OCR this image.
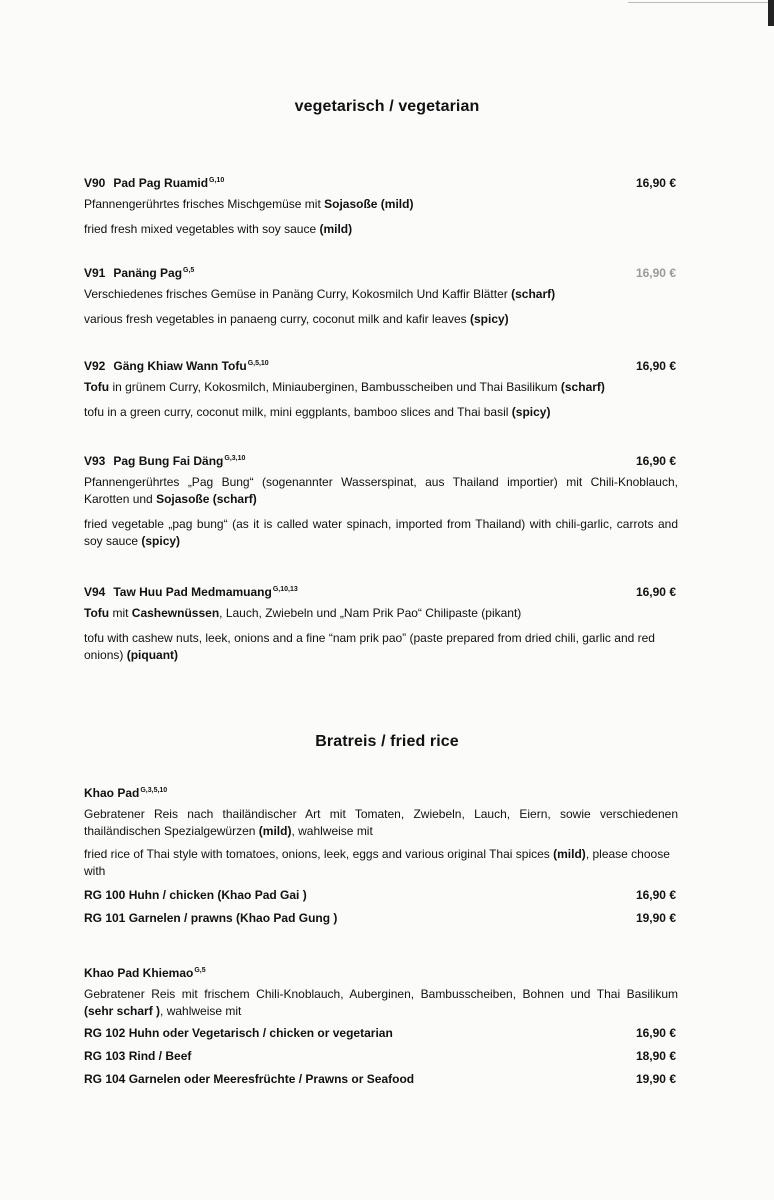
vegetarisch / vegetarian
V90 Pad Pag Ruamid$^{G,10}$	16,90 €
Pfannengerührtes frisches Mischgemüse mit Sojasoße (mild)
fried fresh mixed vegetables with soy sauce (mild)
V91 Panäng Pag$^{G,5}$	16,90 €
Verschiedenes frisches Gemüse in Panäng Curry, Kokosmilch Und Kaffir Blätter (scharf)
various fresh vegetables in panaeng curry, coconut milk and kafir leaves (spicy)
V92 Gäng Khiaw Wann Tofu$^{G,5,10}$	16,90 €
Tofu in grünem Curry, Kokosmilch, Miniauberginen, Bambusscheiben und Thai Basilikum (scharf)
tofu in a green curry, coconut milk, mini eggplants, bamboo slices and Thai basil (spicy)
V93 Pag Bung Fai Däng$^{G,3,10}$	16,90 €
Pfannengerührtes „Pag Bung“ (sogenannter Wasserspinat, aus Thailand importier) mit Chili-Knoblauch, Karotten und Sojasoße (scharf)
fried vegetable „pag bung“ (as it is called water spinach, imported from Thailand) with chili-garlic, carrots and soy sauce (spicy)
V94 Taw Huu Pad Medmamuang$^{G,10,13}$	16,90 €
Tofu mit Cashewnüssen, Lauch, Zwiebeln und „Nam Prik Pao“ Chilipaste (pikant)
tofu with cashew nuts, leek, onions and a fine “nam prik pao” (paste prepared from dried chili, garlic and red onions) (piquant)
Bratreis / fried rice
Khao Pad$^{G,3,5,10}$
Gebratener Reis nach thailändischer Art mit Tomaten, Zwiebeln, Lauch, Eiern, sowie verschiedenen thailändischen Spezialgewürzen (mild), wahlweise mit
fried rice of Thai style with tomatoes, onions, leek, eggs and various original Thai spices (mild), please choose with
RG 100 Huhn / chicken (Khao Pad Gai )	16,90 €
RG 101 Garnelen / prawns (Khao Pad Gung )	19,90 €
Khao Pad Khiemao$^{G,5}$
Gebratener Reis mit frischem Chili-Knoblauch, Auberginen, Bambusscheiben, Bohnen und Thai Basilikum (sehr scharf ), wahlweise mit
RG 102 Huhn oder Vegetarisch / chicken or vegetarian	16,90 €
RG 103 Rind / Beef	18,90 €
RG 104 Garnelen oder Meeresfrüchte / Prawns or Seafood	19,90 €
